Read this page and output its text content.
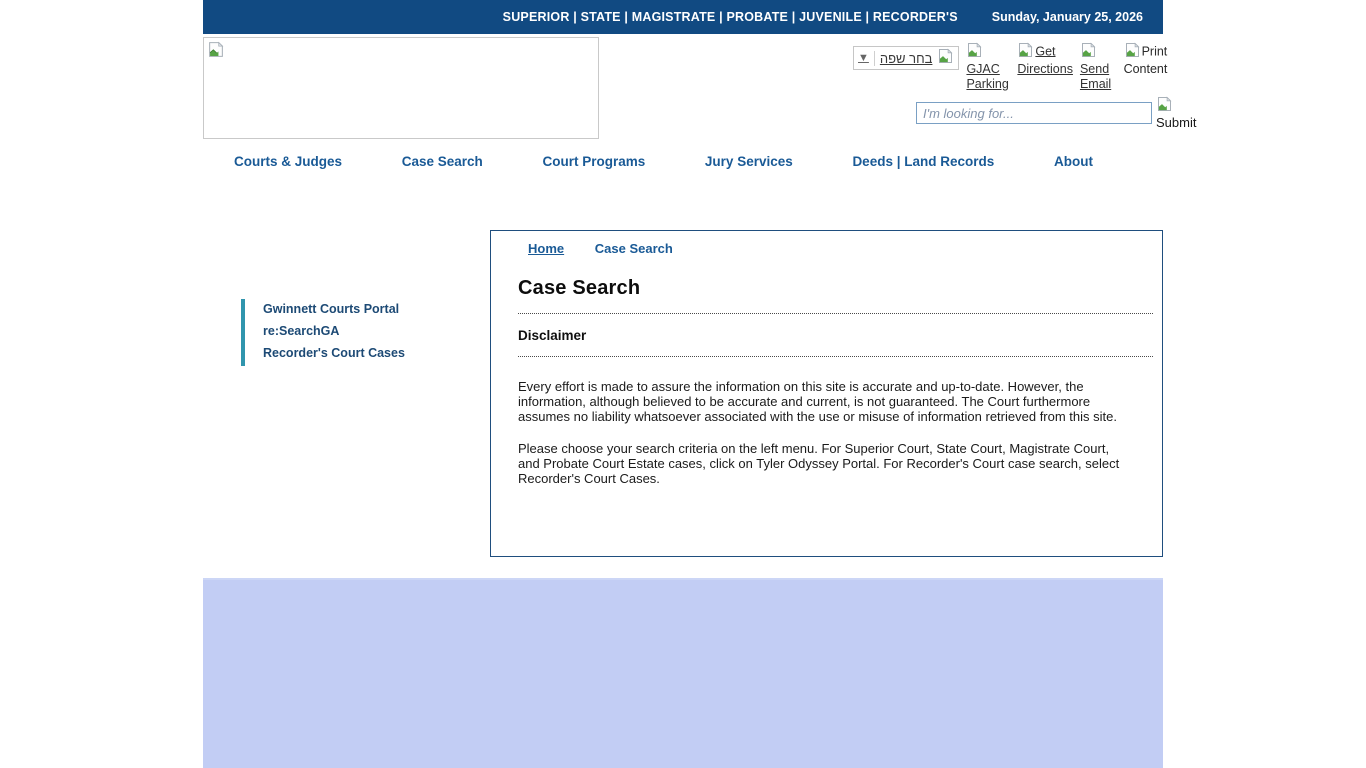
SUPERIOR | STATE | MAGISTRATE | PROBATE | JUVENILE | RECORDER'S	Sunday, January 25, 2026
▼ בחר שפה
GJAC Parking
Get Directions Send Email
Print Content
I'm looking for...
Submit
Courts & Judges	Case Search	Court Programs	Jury Services	Deeds | Land Records	About
Gwinnett Courts Portal
re:SearchGA
Recorder's Court Cases
Home Case Search
Case Search
Disclaimer

Every effort is made to assure the information on this site is accurate and up-to-date. However, the information, although believed to be accurate and current, is not guaranteed. The Court furthermore assumes no liability whatsoever associated with the use or misuse of information retrieved from this site.

Please choose your search criteria on the left menu. For Superior Court, State Court, Magistrate Court, and Probate Court Estate cases, click on Tyler Odyssey Portal. For Recorder's Court case search, select Recorder's Court Cases.
